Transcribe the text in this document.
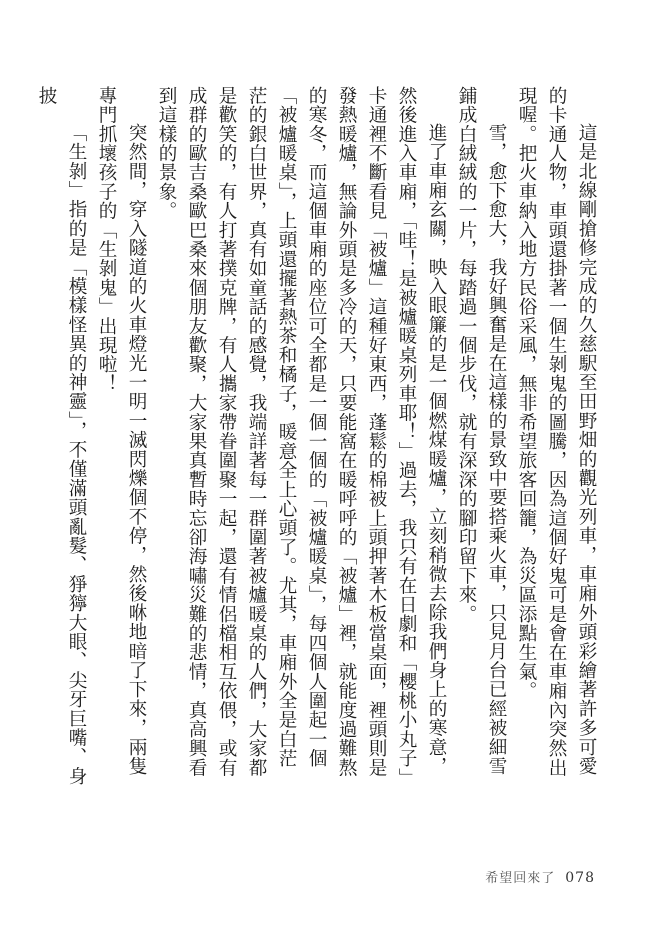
這是北線剛搶修完成的久慈駅至田野畑的觀光列車，車廂外頭彩繪著許多可愛的卡通人物，車頭還掛著一個生剝鬼的圖騰，因為這個好鬼可是會在車廂內突然出現喔。把火車納入地方民俗采風，無非希望旅客回籠，為災區添點生氣。

雪，愈下愈大，我好興奮是在這樣的景致中要搭乘火車，只見月台已經被細雪鋪成白絨絨的一片，每踏過一個步伐，就有深深的腳印留下來。

進了車廂玄關，映入眼簾的是一個燃煤暖爐，立刻稍微去除我們身上的寒意，然後進入車廂，「哇！是被爐暖桌列車耶！」過去，我只有在日劇和「櫻桃小丸子」卡通裡不斷看見「被爐」這種好東西，蓬鬆的棉被上頭押著木板當桌面，裡頭則是發熱暖爐，無論外頭是多冷的天，只要能窩在暖呼呼的「被爐」裡，就能度過難熬的寒冬，而這個車廂的座位可全都是一個一個的「被爐暖桌」，每四個人圍起一個「被爐暖桌」，上頭還擺著熱茶和橘子，暖意全上心頭了。尤其，車廂外全是白茫茫的銀白世界，真有如童話的感覺，我端詳著每一群圍著被爐暖桌的人們，大家都是歡笑的，有人打著撲克牌，有人攜家帶眷圍聚一起，還有情侶檔相互依偎，或有成群的歐吉桑歐巴桑來個朋友歡聚，大家果真暫時忘卻海嘯災難的悲情，真高興看到這樣的景象。

突然間，穿入隧道的火車燈光一明一滅閃爍個不停，然後咻地暗了下來，兩隻專門抓壞孩子的「生剝鬼」出現啦！

「生剝」指的是「模樣怪異的神靈」，不僅滿頭亂髮、猙獰大眼、尖牙巨嘴、身披

希望回來了 078
